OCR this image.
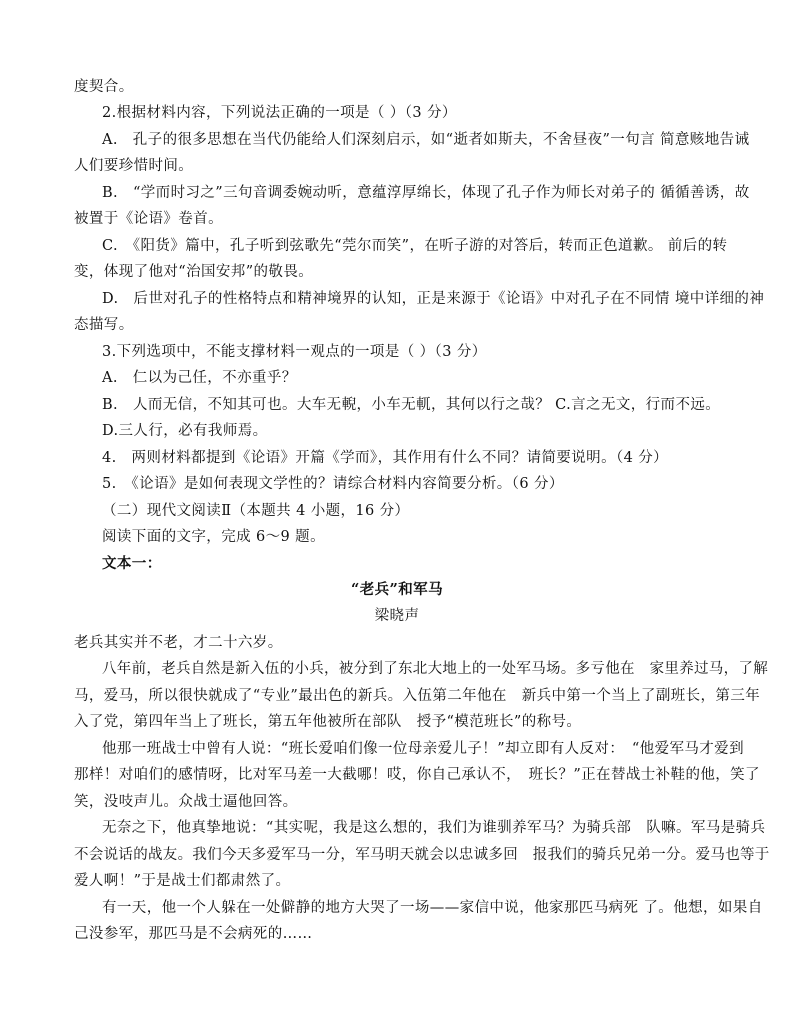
度契合。
2.根据材料内容，下列说法正确的一项是（ ）（3 分）
A.　孔子的很多思想在当代仍能给人们深刻启示，如“逝者如斯夫，不舍昼夜”一句言 简意赅地告诫
人们要珍惜时间。
B.　“学而时习之”三句音调委婉动听，意蕴淳厚绵长，体现了孔子作为师长对弟子的 循循善诱，故
被置于《论语》卷首。
C.　《阳货》篇中，孔子听到弦歌先“莞尔而笑”，在听子游的对答后，转而正色道歉。 前后的转
变，体现了他对“治国安邦”的敬畏。
D.　后世对孔子的性格特点和精神境界的认知，正是来源于《论语》中对孔子在不同情 境中详细的神
态描写。
3.下列选项中，不能支撑材料一观点的一项是（ ）（3 分）
A.　仁以为己任，不亦重乎？
B.　人而无信，不知其可也。大车无輗，小车无軏，其何以行之哉？ C.言之无文，行而不远。
D.三人行，必有我师焉。
4.　两则材料都提到《论语》开篇《学而》，其作用有什么不同？请简要说明。（4 分）
5.　《论语》是如何表现文学性的？请综合材料内容简要分析。（6 分）
（二）现代文阅读Ⅱ（本题共 4 小题，16 分）
阅读下面的文字，完成 6～9 题。
文本一：
“老兵”和军马
梁晓声
老兵其实并不老，才二十六岁。
八年前，老兵自然是新入伍的小兵，被分到了东北大地上的一处军马场。多亏他在　家里养过马，了解
马，爱马，所以很快就成了“专业”最出色的新兵。入伍第二年他在　新兵中第一个当上了副班长，第三年
入了党，第四年当上了班长，第五年他被所在部队　授予“模范班长”的称号。
他那一班战士中曾有人说：“班长爱咱们像一位母亲爱儿子！”却立即有人反对：　“他爱军马才爱到
那样！对咱们的感情呀，比对军马差一大截哪！哎，你自己承认不，　班长？”正在替战士补鞋的他，笑了
笑，没吱声儿。众战士逼他回答。
无奈之下，他真挚地说：“其实呢，我是这么想的，我们为谁驯养军马？为骑兵部　队嘛。军马是骑兵
不会说话的战友。我们今天多爱军马一分，军马明天就会以忠诚多回　报我们的骑兵兄弟一分。爱马也等于
爱人啊！”于是战士们都肃然了。
有一天，他一个人躲在一处僻静的地方大哭了一场——家信中说，他家那匹马病死 了。他想，如果自
己没参军，那匹马是不会病死的……
